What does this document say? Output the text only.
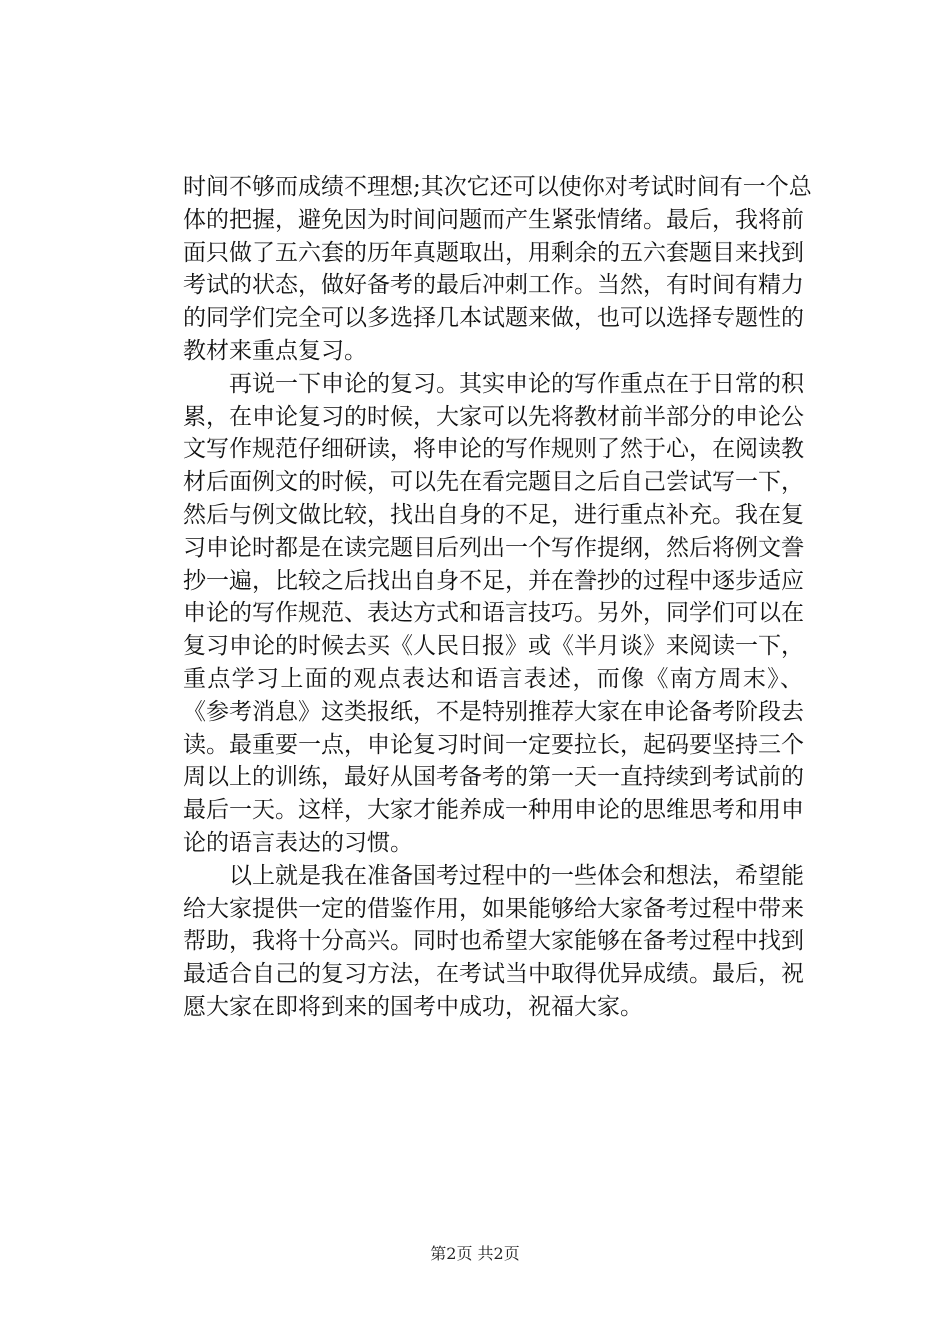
时间不够而成绩不理想;其次它还可以使你对考试时间有一个总
体的把握，避免因为时间问题而产生紧张情绪。最后，我将前
面只做了五六套的历年真题取出，用剩余的五六套题目来找到
考试的状态，做好备考的最后冲刺工作。当然，有时间有精力
的同学们完全可以多选择几本试题来做，也可以选择专题性的
教材来重点复习。
　　再说一下申论的复习。其实申论的写作重点在于日常的积
累，在申论复习的时候，大家可以先将教材前半部分的申论公
文写作规范仔细研读，将申论的写作规则了然于心，在阅读教
材后面例文的时候，可以先在看完题目之后自己尝试写一下，
然后与例文做比较，找出自身的不足，进行重点补充。我在复
习申论时都是在读完题目后列出一个写作提纲，然后将例文誊
抄一遍，比较之后找出自身不足，并在誊抄的过程中逐步适应
申论的写作规范、表达方式和语言技巧。另外，同学们可以在
复习申论的时候去买《人民日报》或《半月谈》来阅读一下，
重点学习上面的观点表达和语言表述，而像《南方周末》、
《参考消息》这类报纸，不是特别推荐大家在申论备考阶段去
读。最重要一点，申论复习时间一定要拉长，起码要坚持三个
周以上的训练，最好从国考备考的第一天一直持续到考试前的
最后一天。这样，大家才能养成一种用申论的思维思考和用申
论的语言表达的习惯。
　　以上就是我在准备国考过程中的一些体会和想法，希望能
给大家提供一定的借鉴作用，如果能够给大家备考过程中带来
帮助，我将十分高兴。同时也希望大家能够在备考过程中找到
最适合自己的复习方法，在考试当中取得优异成绩。最后，祝
愿大家在即将到来的国考中成功，祝福大家。
第2页 共2页
